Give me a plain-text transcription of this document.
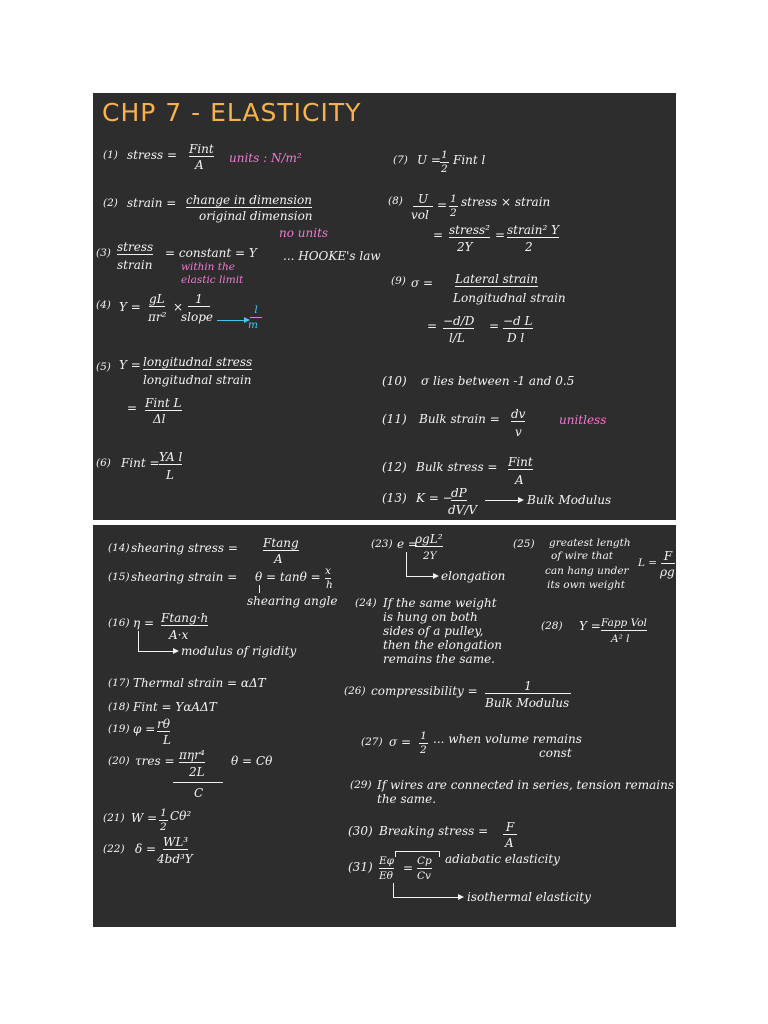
CHP 7 - ELASTICITY
(1) stress = Fint
A units : N/m²
(2) strain = change in dimension
original dimension
no units
(3) stress
strain
= constant = Y
within the elastic limit
... HOOKE's law
(4) Y =
gL
πr²
×
1
slope	l
m
(5) Y = longitudnal stress
longitudnal strain
= Fint L
Δl
(6) Fint = YA l
L
(7) U = 1
2
Fint l
(8)	U
vol
= 1
2
stress × strain
= stress²
2Y
= strain² Y
2
(9) σ = Lateral strain
Longitudnal strain
= −d/D
l/L
= −d L
D l
(10) σ lies between -1 and 0.5
(11) Bulk strain = dv
v
unitless
(12) Bulk stress = Fint
A
(13) K = −
dP
dV/V
Bulk Modulus
(14) shearing stress = Ftang
A
(15) shearing strain = θ = tanθ = x
h
shearing angle
(16) η = Ftang·h
A·x
modulus of rigidity
(17) Thermal strain = αΔT
(18) Fint = YαAΔT
(19) φ = rθ
L
(20) τres = πηr⁴
2L
θ = Cθ
C
(21) W = 1
2
Cθ²
(22) δ = WL³
4bd³Y
(23) e =
ρgL²
2Y
elongation
(24) If the same weight
is hung on both
sides of a pulley,
then the elongation
remains the same.
(25) greatest length
of wire that
can hang under
its own weight
L = F
ρg
(28) Y = Fapp Vol
A² l
(26) compressibility =	1
Bulk Modulus
(27) σ = 1
2
... when volume remains
const
(29) If wires are connected in series, tension remains
the same.
(30) Breaking stress = F
A
(31) Eφ
Eθ
= Cp
Cv
adiabatic elasticity
isothermal elasticity
